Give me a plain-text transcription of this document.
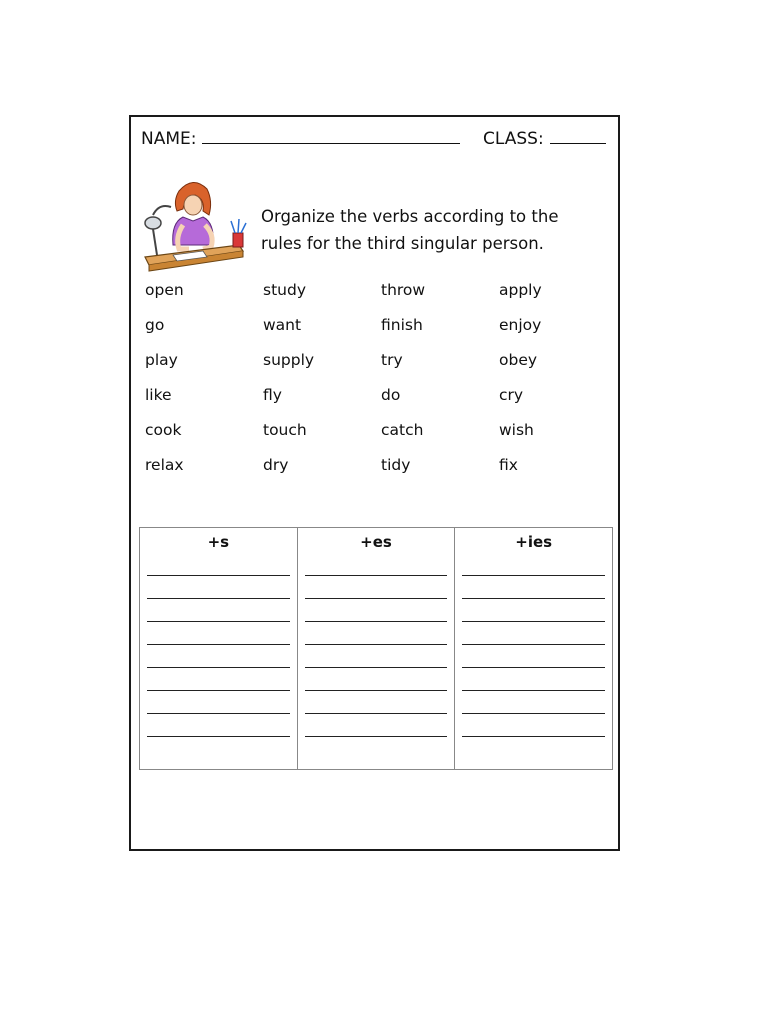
NAME:	CLASS:
Organize the verbs according to the
rules for the third singular person.
open	study	throw	apply
go	want	finish	enjoy
play	supply	try	obey
like	fly	do	cry
cook	touch	catch	wish
relax	dry	tidy	fix
+s	+es	+ies
